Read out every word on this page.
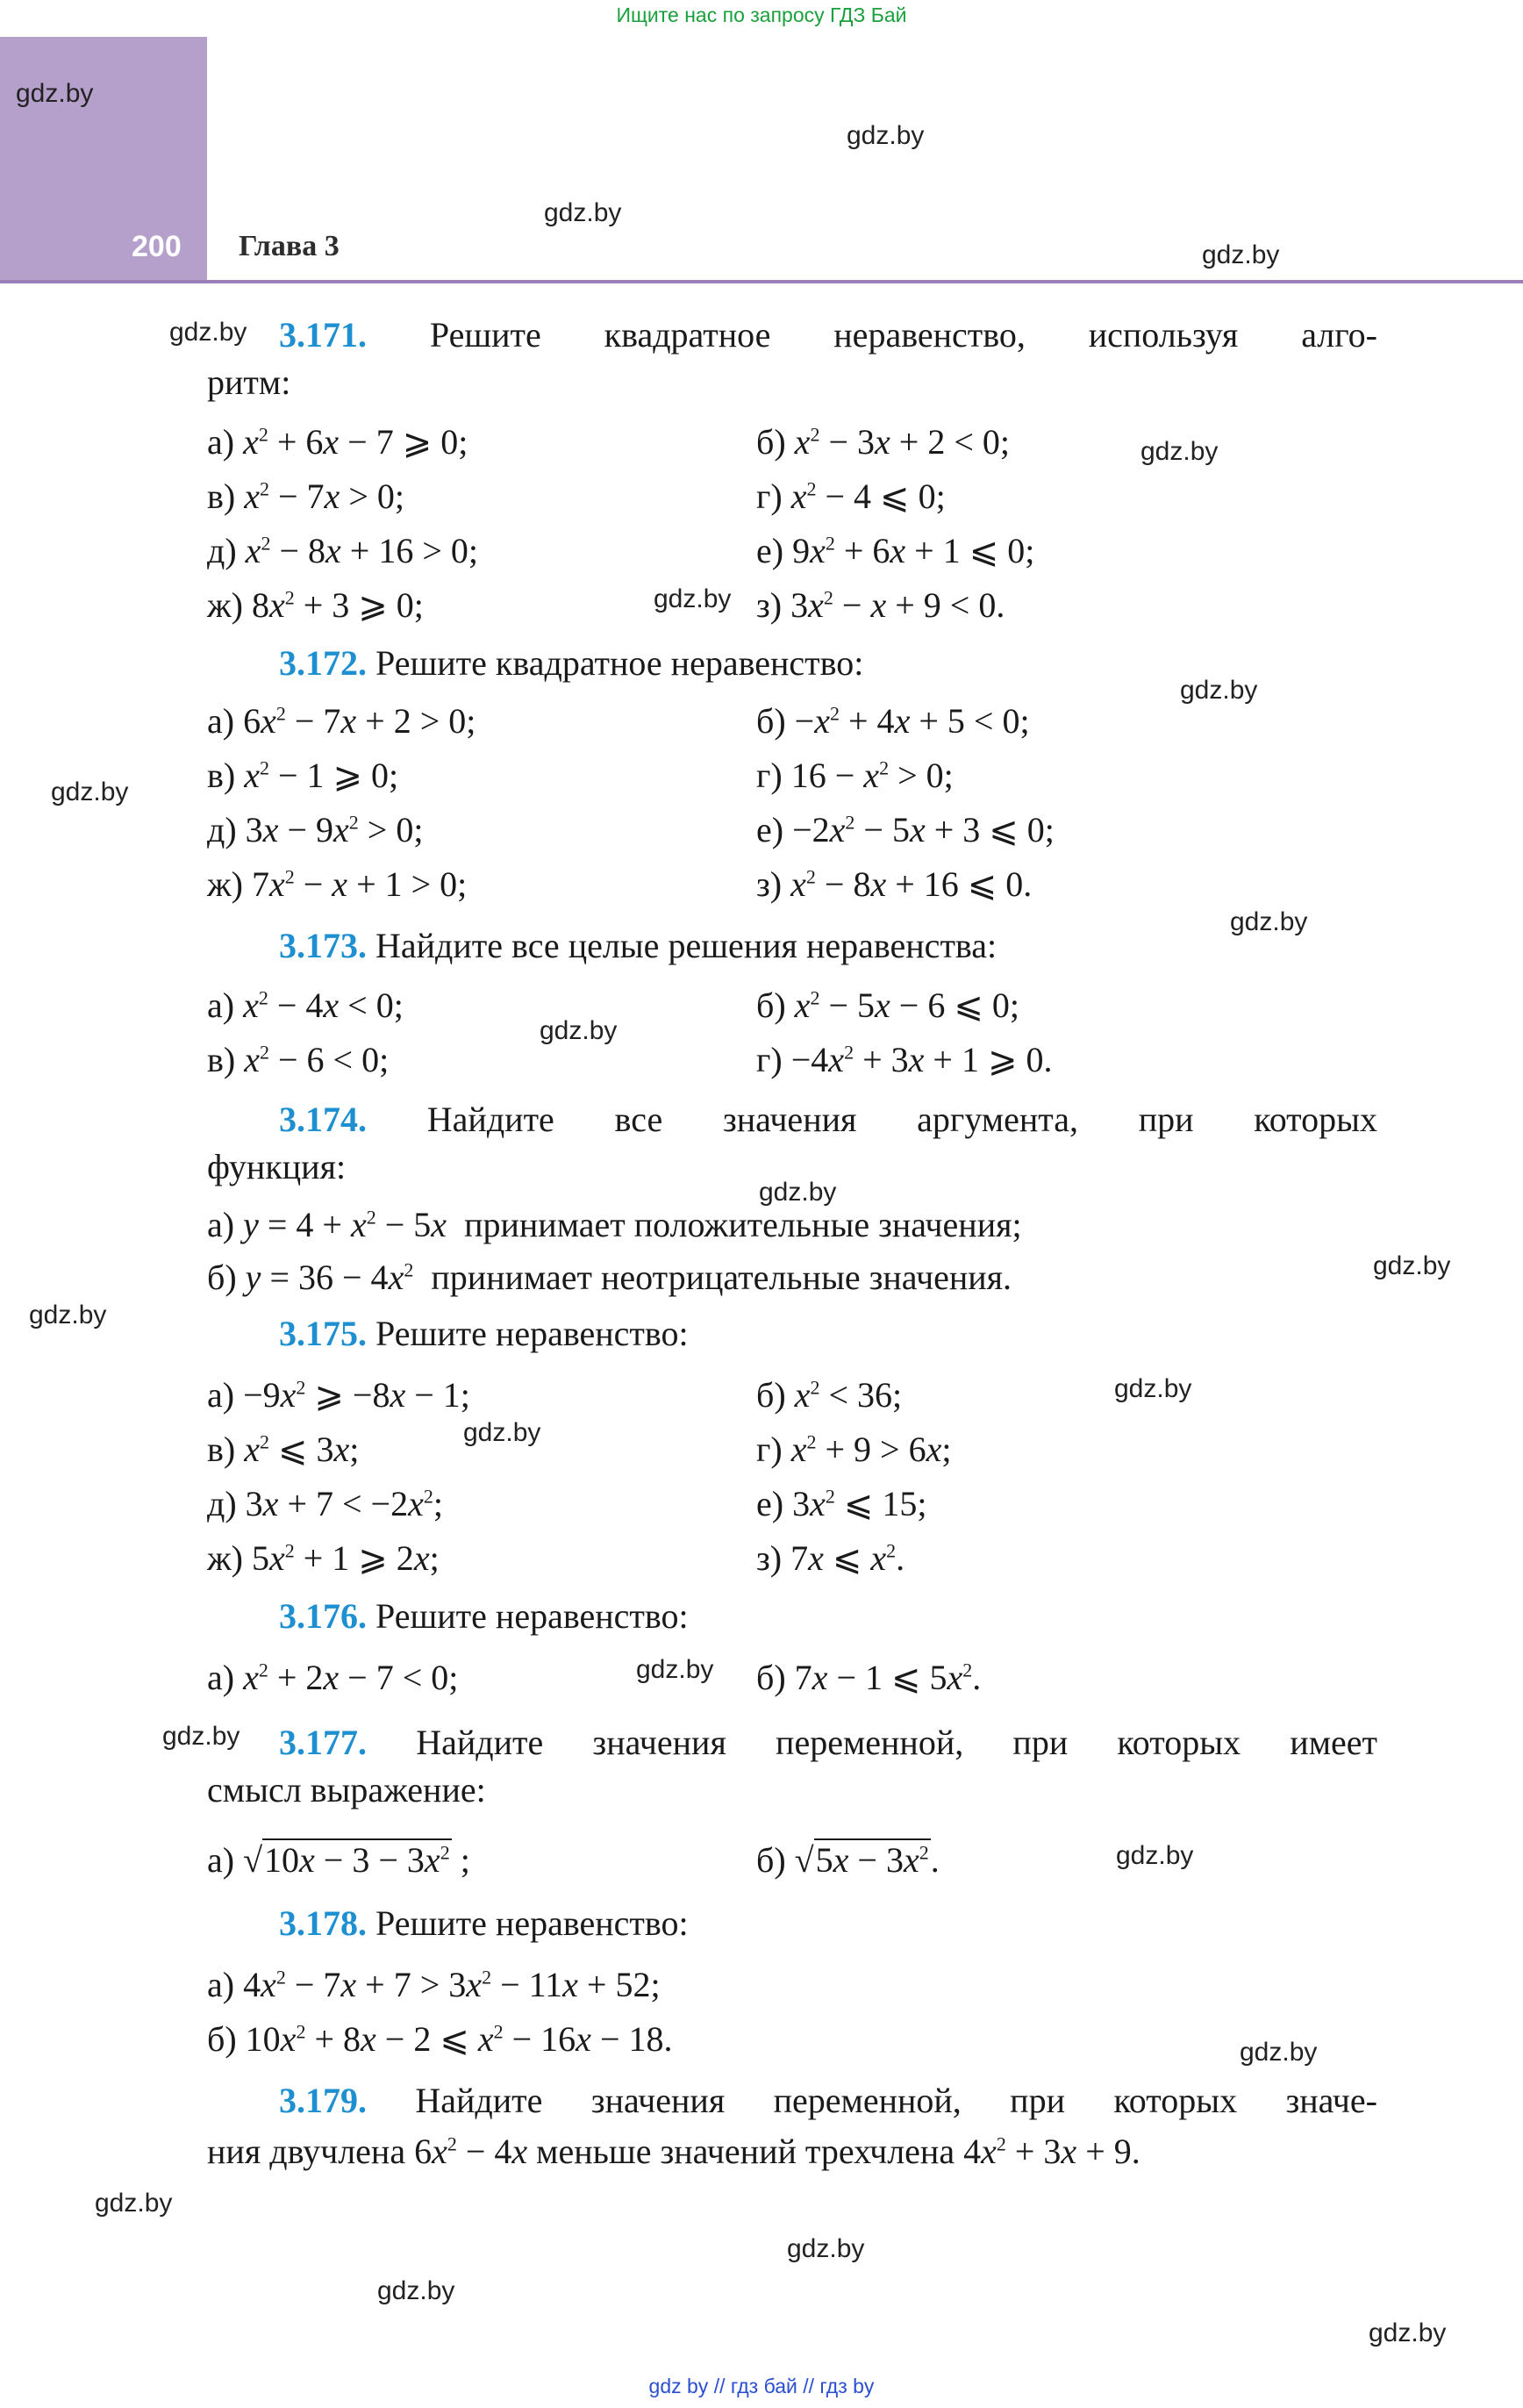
Ищите нас по запросу ГДЗ Бай
200 Глава 3
gdz.by
gdz.by
gdz.by
gdz.by
gdz.by
gdz.by
gdz.by
gdz.by
gdz.by
gdz.by
gdz.by
gdz.by
gdz.by
gdz.by
gdz.by
gdz.by
gdz.by
gdz.by
gdz.by
gdz.by
gdz.by
gdz.by
gdz.by
gdz.by
3.171. Решите квадратное неравенство, используя алго-
ритм:
а) $x^2 + 6x - 7$ ⩾ 0;	б) $x^2 - 3x + 2 < 0$;
в) $x^2 - 7x > 0$;	г) $x^2 - 4$ ⩽ 0;
д) $x^2 - 8x + 16 > 0$;	е) $9x^2 + 6x + 1$ ⩽ 0;
ж) $8x^2 + 3$ ⩾ 0;	з) $3x^2 - x + 9 < 0$.
3.172. Решите квадратное неравенство:
а) $6x^2 - 7x + 2 > 0$;	$б) -x^2 + 4x + 5 < 0$;
в) $x^2 - 1$ ⩾ 0;	г) $16 - x^2 > 0$;
д) $3x - 9x^2 > 0$;	$е) -2x^2 - 5x + 3$ ⩽ 0;
ж) $7x^2 - x + 1 > 0$;	з) $x^2 - 8x + 16$ ⩽ 0.
3.173. Найдите все целые решения неравенства:
а) $x^2 - 4x < 0$;	б) $x^2 - 5x - 6$ ⩽ 0;
в) $x^2 - 6 < 0$;	$г) -4x^2 + 3x + 1$ ⩾ 0.
3.174. Найдите все значения аргумента, при которых
функция:
а) $y = 4 + x^2 - 5x$ принимает положительные значения;
б) $y = 36 - 4x^2$ принимает неотрицательные значения.
3.175. Решите неравенство:
$а) -9x^2$ ⩾ −8x − 1;	б) $x^2 < 36$;
в) $x^2$ ⩽ 3x;	г) $x^2 + 9 > 6x$;
д) $3x + 7 < -2x^2$;	е) $3x^2$ ⩽ 15;
ж) $5x^2 + 1$ ⩾ 2x;	з) 7x ⩽ $x^2$.
3.176. Решите неравенство:
а) $x^2 + 2x - 7 < 0$;	б) 7x − 1 ⩽ $5x^2$.
3.177. Найдите значения переменной, при которых имеет
смысл выражение:
а) $√10x - 3 - 3x^2$ ;	б) $√5x - 3x^2$.
3.178. Решите неравенство:
а) $4x^2 - 7x + 7 > 3x^2 - 11x + 52$;
б) $10x^2 + 8x - 2$ ⩽ $x^2 - 16x - 18$.
3.179. Найдите значения переменной, при которых значе-
ния двучлена $6x^2 - 4x$ меньше значений трехчлена $4x^2 + 3x + 9$.
gdz by // гдз бай // гдз by
